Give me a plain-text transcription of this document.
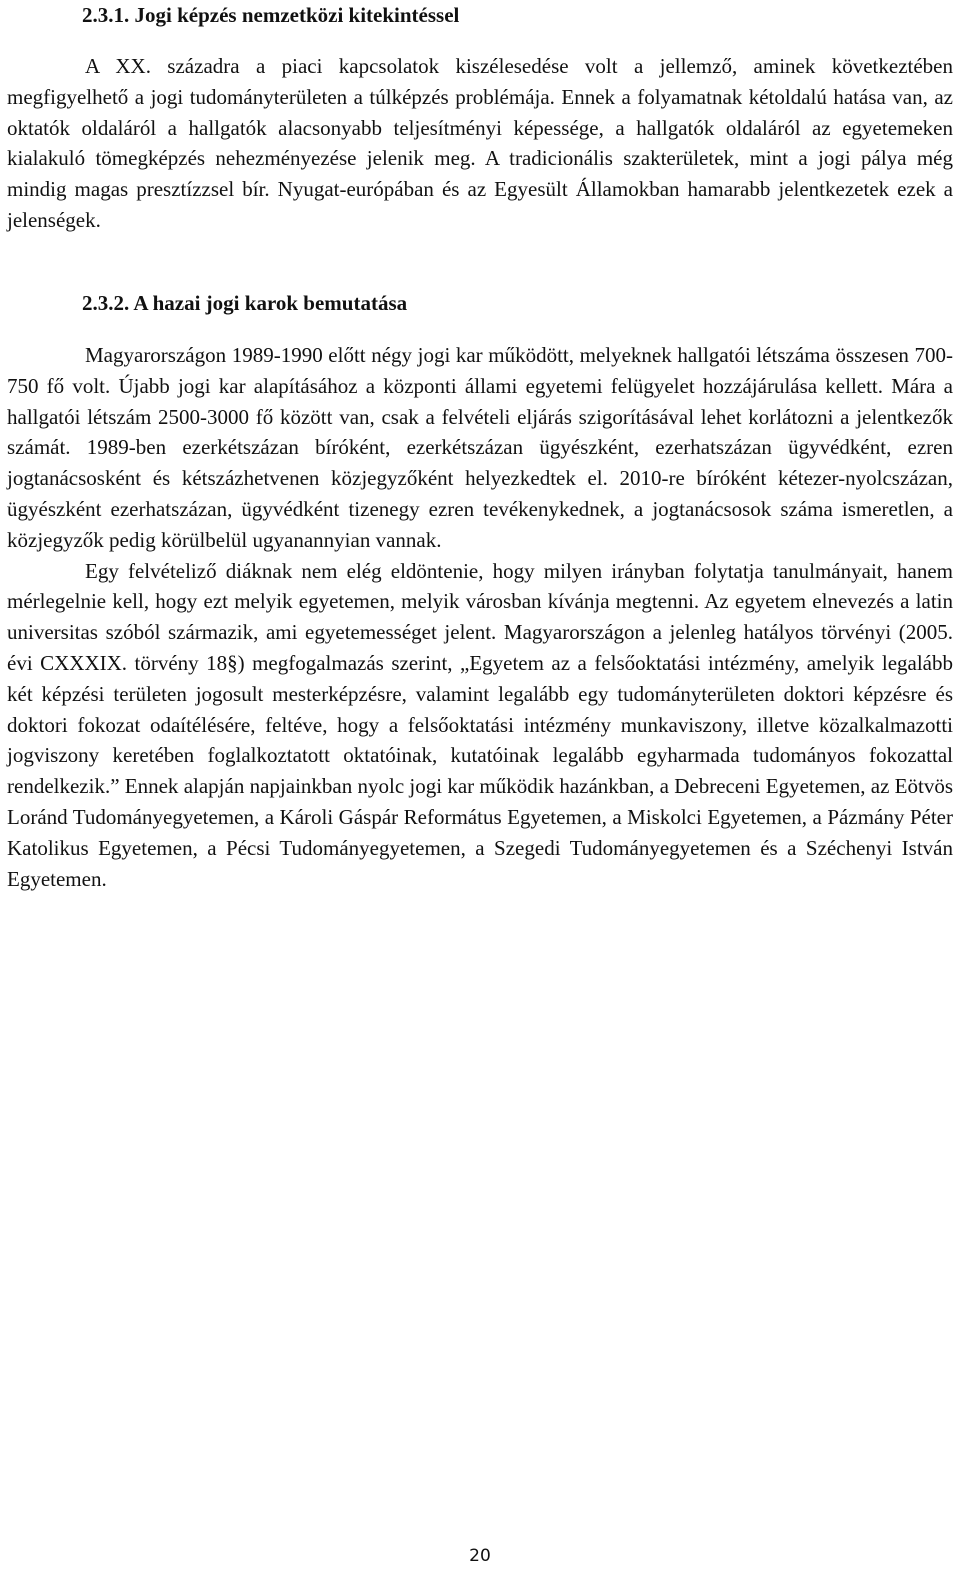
2.3.1. Jogi képzés nemzetközi kitekintéssel

A XX. századra a piaci kapcsolatok kiszélesedése volt a jellemző, aminek következtében megfigyelhető a jogi tudományterületen a túlképzés problémája. Ennek a folyamatnak kétoldalú hatása van, az oktatók oldaláról a hallgatók alacsonyabb teljesítményi képessége, a hallgatók oldaláról az egyetemeken kialakuló tömegképzés nehezményezése jelenik meg. A tradicionális szakterületek, mint a jogi pálya még mindig magas presztízzsel bír. Nyugat-európában és az Egyesült Államokban hamarabb jelentkezetek ezek a jelenségek.

2.3.2. A hazai jogi karok bemutatása

Magyarországon 1989-1990 előtt négy jogi kar működött, melyeknek hallgatói létszáma összesen 700-750 fő volt. Újabb jogi kar alapításához a központi állami egyetemi felügyelet hozzájárulása kellett. Mára a hallgatói létszám 2500-3000 fő között van, csak a felvételi eljárás szigorításával lehet korlátozni a jelentkezők számát. 1989-ben ezerkétszázan bíróként, ezerkétszázan ügyészként, ezerhatszázan ügyvédként, ezren jogtanácsosként és kétszázhetvenen közjegyzőként helyezkedtek el. 2010-re bíróként kétezer-nyolcszázan, ügyészként ezerhatszázan, ügyvédként tizenegy ezren tevékenykednek, a jogtanácsosok száma ismeretlen, a közjegyzők pedig körülbelül ugyanannyian vannak.

Egy felvételiző diáknak nem elég eldöntenie, hogy milyen irányban folytatja tanulmányait, hanem mérlegelnie kell, hogy ezt melyik egyetemen, melyik városban kívánja megtenni. Az egyetem elnevezés a latin universitas szóból származik, ami egyetemességet jelent. Magyarországon a jelenleg hatályos törvényi (2005. évi CXXXIX. törvény 18§) megfogalmazás szerint, „Egyetem az a felsőoktatási intézmény, amelyik legalább két képzési területen jogosult mesterképzésre, valamint legalább egy tudományterületen doktori képzésre és doktori fokozat odaítélésére, feltéve, hogy a felsőoktatási intézmény munkaviszony, illetve közalkalmazotti jogviszony keretében foglalkoztatott oktatóinak, kutatóinak legalább egyharmada tudományos fokozattal rendelkezik.” Ennek alapján napjainkban nyolc jogi kar működik hazánkban, a Debreceni Egyetemen, az Eötvös Loránd Tudományegyetemen, a Károli Gáspár Református Egyetemen, a Miskolci Egyetemen, a Pázmány Péter Katolikus Egyetemen, a Pécsi Tudományegyetemen, a Szegedi Tudományegyetemen és a Széchenyi István Egyetemen.

20
